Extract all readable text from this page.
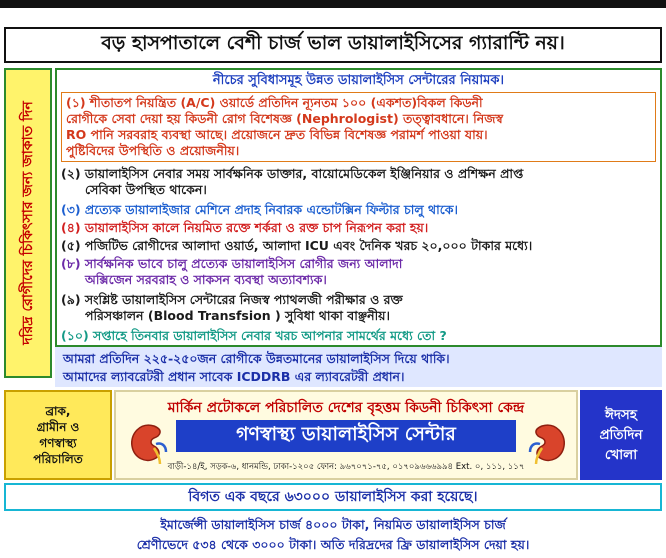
বড় হাসপাতালে বেশী চার্জ ভাল ডায়ালাইসিসের গ্যারান্টি নয়।
দরিদ্র রোগীদের চিকিৎসার জন্য জাকাত দিন
নীচের সুবিধাসমূহ উন্নত ডায়ালাইসিস সেন্টারের নিয়ামক।
(১) শীতাতপ নিয়ন্ত্রিত (A/C) ওয়ার্ডে প্রতিদিন ন্যূনতম ১০০ (একশত)বিকল কিডনী
রোগীকে সেবা দেয়া হয় কিডনী রোগ বিশেষজ্ঞ (Nephrologist) তত্ত্বাবধানে। নিজস্ব
RO পানি সরবরাহ ব্যবস্থা আছে। প্রয়োজনে দ্রুত বিভিন্ন বিশেষজ্ঞ পরামর্শ পাওয়া যায়।
পুষ্টিবিদের উপস্থিতি ও প্রয়োজনীয়।
(২) ডায়ালাইসিস নেবার সময় সার্বক্ষনিক ডাক্তার, বায়োমেডিকেল ইঞ্জিনিয়ার ও প্রশিক্ষন প্রাপ্ত
সেবিকা উপস্থিত থাকেন।
(৩) প্রত্যেক ডায়ালাইজার মেশিনে প্রদাহ নিবারক এন্ডোটক্সিন ফিল্টার চালু থাকে।
(৪) ডায়ালাইসিস কালে নিয়মিত রক্তে শর্করা ও রক্ত চাপ নিরূপন করা হয়।
(৫) পজিটিভ রোগীদের আলাদা ওয়ার্ড, আলাদা ICU এবং দৈনিক খরচ ২০,০০০ টাকার মধ্যে।
(৮) সার্বক্ষনিক ভাবে চালু প্রত্যেক ডায়ালাইসিস রোগীর জন্য আলাদা
অক্সিজেন সরবরাহ ও সাকসন ব্যবস্থা অত্যাবশ্যক।
(৯) সংশ্লিষ্ট ডায়ালাইসিস সেন্টারের নিজস্ব প্যাথলজী পরীক্ষার ও রক্ত
পরিসঞ্চালন (Blood Transfsion ) সুবিধা থাকা বাঞ্ছনীয়।
(১০) সপ্তাহে তিনবার ডায়ালাইসিস নেবার খরচ আপনার সামর্থের মধ্যে তো ?
আমরা প্রতিদিন ২২৫-২৫০জন রোগীকে উন্নতমানের ডায়ালাইসিস দিয়ে থাকি।
আমাদের ল্যাবরেটরী প্রধান সাবেক ICDDRB এর ল্যাবরেটরী প্রধান।
ব্রাক,
গ্রামীন ও
গণস্বাস্থ্য
পরিচালিত
মার্কিন প্রটোকলে পরিচালিত দেশের বৃহত্তম কিডনী চিকিৎসা কেন্দ্র
গণস্বাস্থ্য ডায়ালাইসিস সেন্টার
বাড়ী-১৪/ই, সড়ক-৬, ধানমন্ডি, ঢাকা-১২০৫ ফোন: ৯৬৭০৭১-৭৫, ০১৭০৯৬৬৬৯৯৪ Ext. ০, ১১১, ১১৭
ঈদসহ
প্রতিদিন
খোলা
বিগত এক বছরে ৬৩০০০ ডায়ালাইসিস করা হয়েছে।
ইমার্জেন্সী ডায়ালাইসিস চার্জ ৪০০০ টাকা, নিয়মিত ডায়ালাইসিস চার্জ
শ্রেণীভেদে ৫৩৪ থেকে ৩০০০ টাকা। অতি দরিদ্রদের ফ্রি ডায়ালাইসিস দেয়া হয়।
